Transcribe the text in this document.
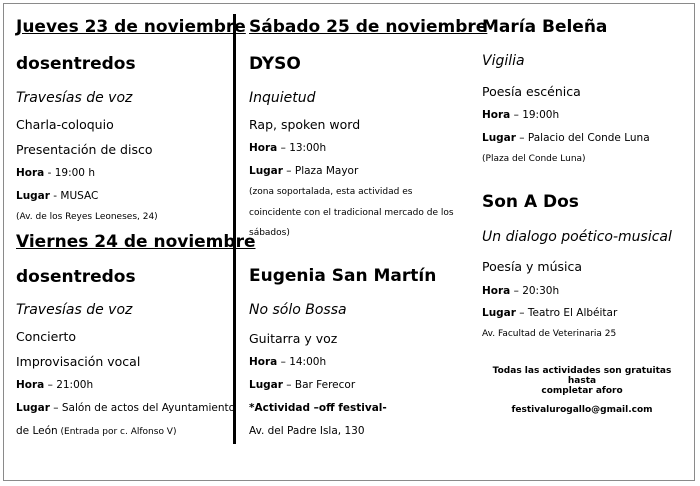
Jueves 23 de noviembre
dosentredos
Travesías de voz
Charla-coloquio
Presentación de disco
Hora - 19:00 h
Lugar - MUSAC
(Av. de los Reyes Leoneses, 24)
Viernes 24 de noviembre
dosentredos
Travesías de voz
Concierto
Improvisación vocal
Hora – 21:00h
Lugar – Salón de actos del Ayuntamiento
de León (Entrada por c. Alfonso V)
Sábado 25 de noviembre
DYSO
Inquietud
Rap, spoken word
Hora – 13:00h
Lugar – Plaza Mayor
(zona soportalada, esta actividad es
coincidente con el tradicional mercado de los
sábados)
Eugenia San Martín
No sólo Bossa
Guitarra y voz
Hora – 14:00h
Lugar – Bar Ferecor
*Actividad –off festival-
Av. del Padre Isla, 130
María Beleña
Vigilia
Poesía escénica
Hora – 19:00h
Lugar – Palacio del Conde Luna
(Plaza del Conde Luna)
Son A Dos
Un dialogo poético-musical
Poesía y música
Hora – 20:30h
Lugar – Teatro El Albéitar
Av. Facultad de Veterinaria 25
Todas las actividades son gratuitas hasta
completar aforo
festivalurogallo@gmail.com
